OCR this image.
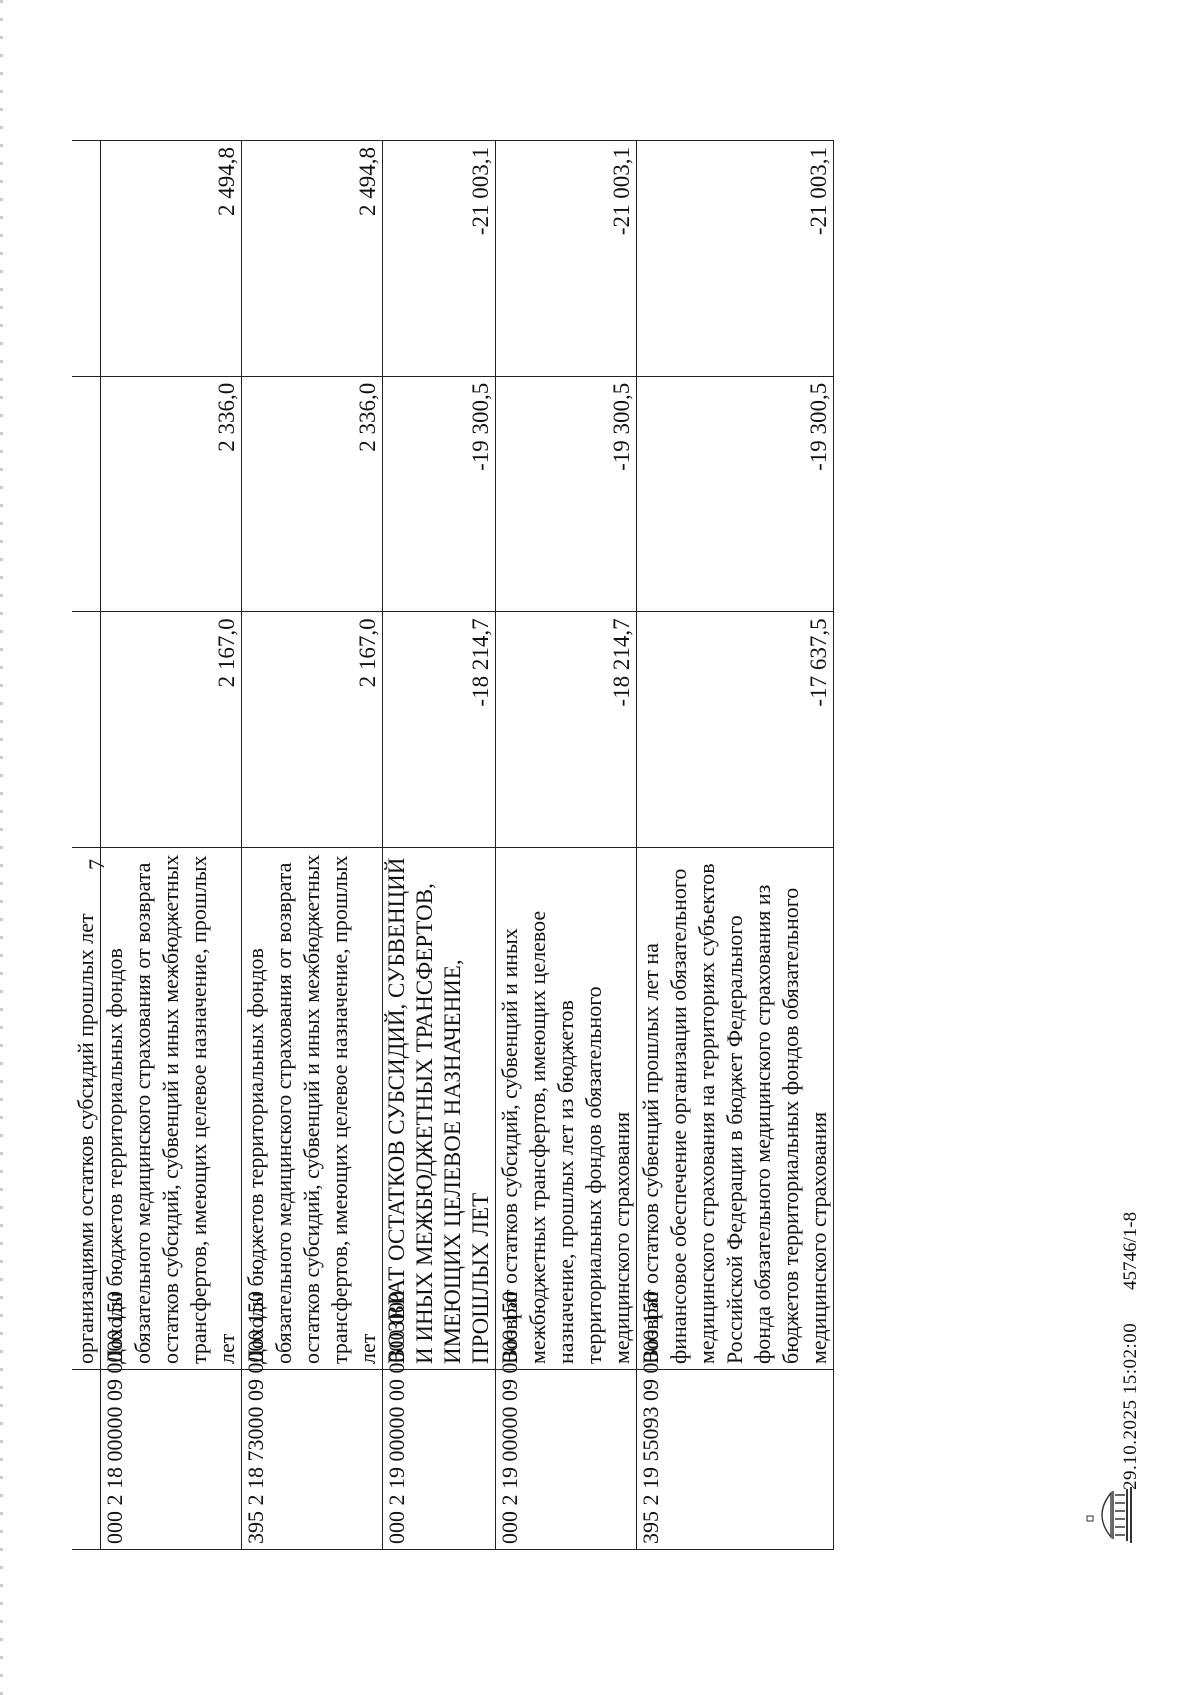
7
	организациями остатков субсидий прошлых лет			
000 2 18 00000 09 0000 150	Доходы бюджетов территориальных фондов обязательного медицинского страхования от возврата остатков субсидий, субвенций и иных межбюджетных трансфертов, имеющих целевое назначение, прошлых лет	2 167,0	2 336,0	2 494,8
395 2 18 73000 09 0000 150	Доходы бюджетов территориальных фондов обязательного медицинского страхования от возврата остатков субсидий, субвенций и иных межбюджетных трансфертов, имеющих целевое назначение, прошлых лет	2 167,0	2 336,0	2 494,8
000 2 19 00000 00 0000 000	ВОЗВРАТ ОСТАТКОВ СУБСИДИЙ, СУБВЕНЦИЙ И ИНЫХ МЕЖБЮДЖЕТНЫХ ТРАНСФЕРТОВ, ИМЕЮЩИХ ЦЕЛЕВОЕ НАЗНАЧЕНИЕ, ПРОШЛЫХ ЛЕТ	-18 214,7	-19 300,5	-21 003,1
000 2 19 00000 09 0000 150	Возврат остатков субсидий, субвенций и иных межбюджетных трансфертов, имеющих целевое назначение, прошлых лет из бюджетов территориальных фондов обязательного медицинского страхования	-18 214,7	-19 300,5	-21 003,1
395 2 19 55093 09 0000 150	Возврат остатков субвенций прошлых лет на финансовое обеспечение организации обязательного медицинского страхования на территориях субъектов Российской Федерации в бюджет Федерального фонда обязательного медицинского страхования из бюджетов территориальных фондов обязательного медицинского страхования	-17 637,5	-19 300,5	-21 003,1
29.10.2025 15:02:00
45746/1-8
